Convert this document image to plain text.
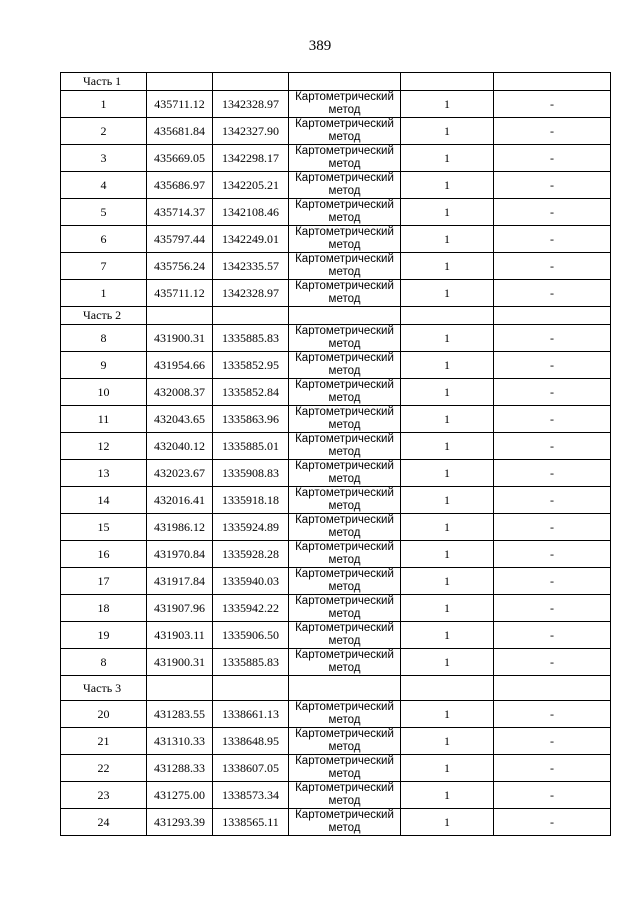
389
Часть 1					
1	435711.12	1342328.97	Картометрический
метод	1	-
2	435681.84	1342327.90	Картометрический
метод	1	-
3	435669.05	1342298.17	Картометрический
метод	1	-
4	435686.97	1342205.21	Картометрический
метод	1	-
5	435714.37	1342108.46	Картометрический
метод	1	-
6	435797.44	1342249.01	Картометрический
метод	1	-
7	435756.24	1342335.57	Картометрический
метод	1	-
1	435711.12	1342328.97	Картометрический
метод	1	-
Часть 2					
8	431900.31	1335885.83	Картометрический
метод	1	-
9	431954.66	1335852.95	Картометрический
метод	1	-
10	432008.37	1335852.84	Картометрический
метод	1	-
11	432043.65	1335863.96	Картометрический
метод	1	-
12	432040.12	1335885.01	Картометрический
метод	1	-
13	432023.67	1335908.83	Картометрический
метод	1	-
14	432016.41	1335918.18	Картометрический
метод	1	-
15	431986.12	1335924.89	Картометрический
метод	1	-
16	431970.84	1335928.28	Картометрический
метод	1	-
17	431917.84	1335940.03	Картометрический
метод	1	-
18	431907.96	1335942.22	Картометрический
метод	1	-
19	431903.11	1335906.50	Картометрический
метод	1	-
8	431900.31	1335885.83	Картометрический
метод	1	-
Часть 3					
20	431283.55	1338661.13	Картометрический
метод	1	-
21	431310.33	1338648.95	Картометрический
метод	1	-
22	431288.33	1338607.05	Картометрический
метод	1	-
23	431275.00	1338573.34	Картометрический
метод	1	-
24	431293.39	1338565.11	Картометрический
метод	1	-
